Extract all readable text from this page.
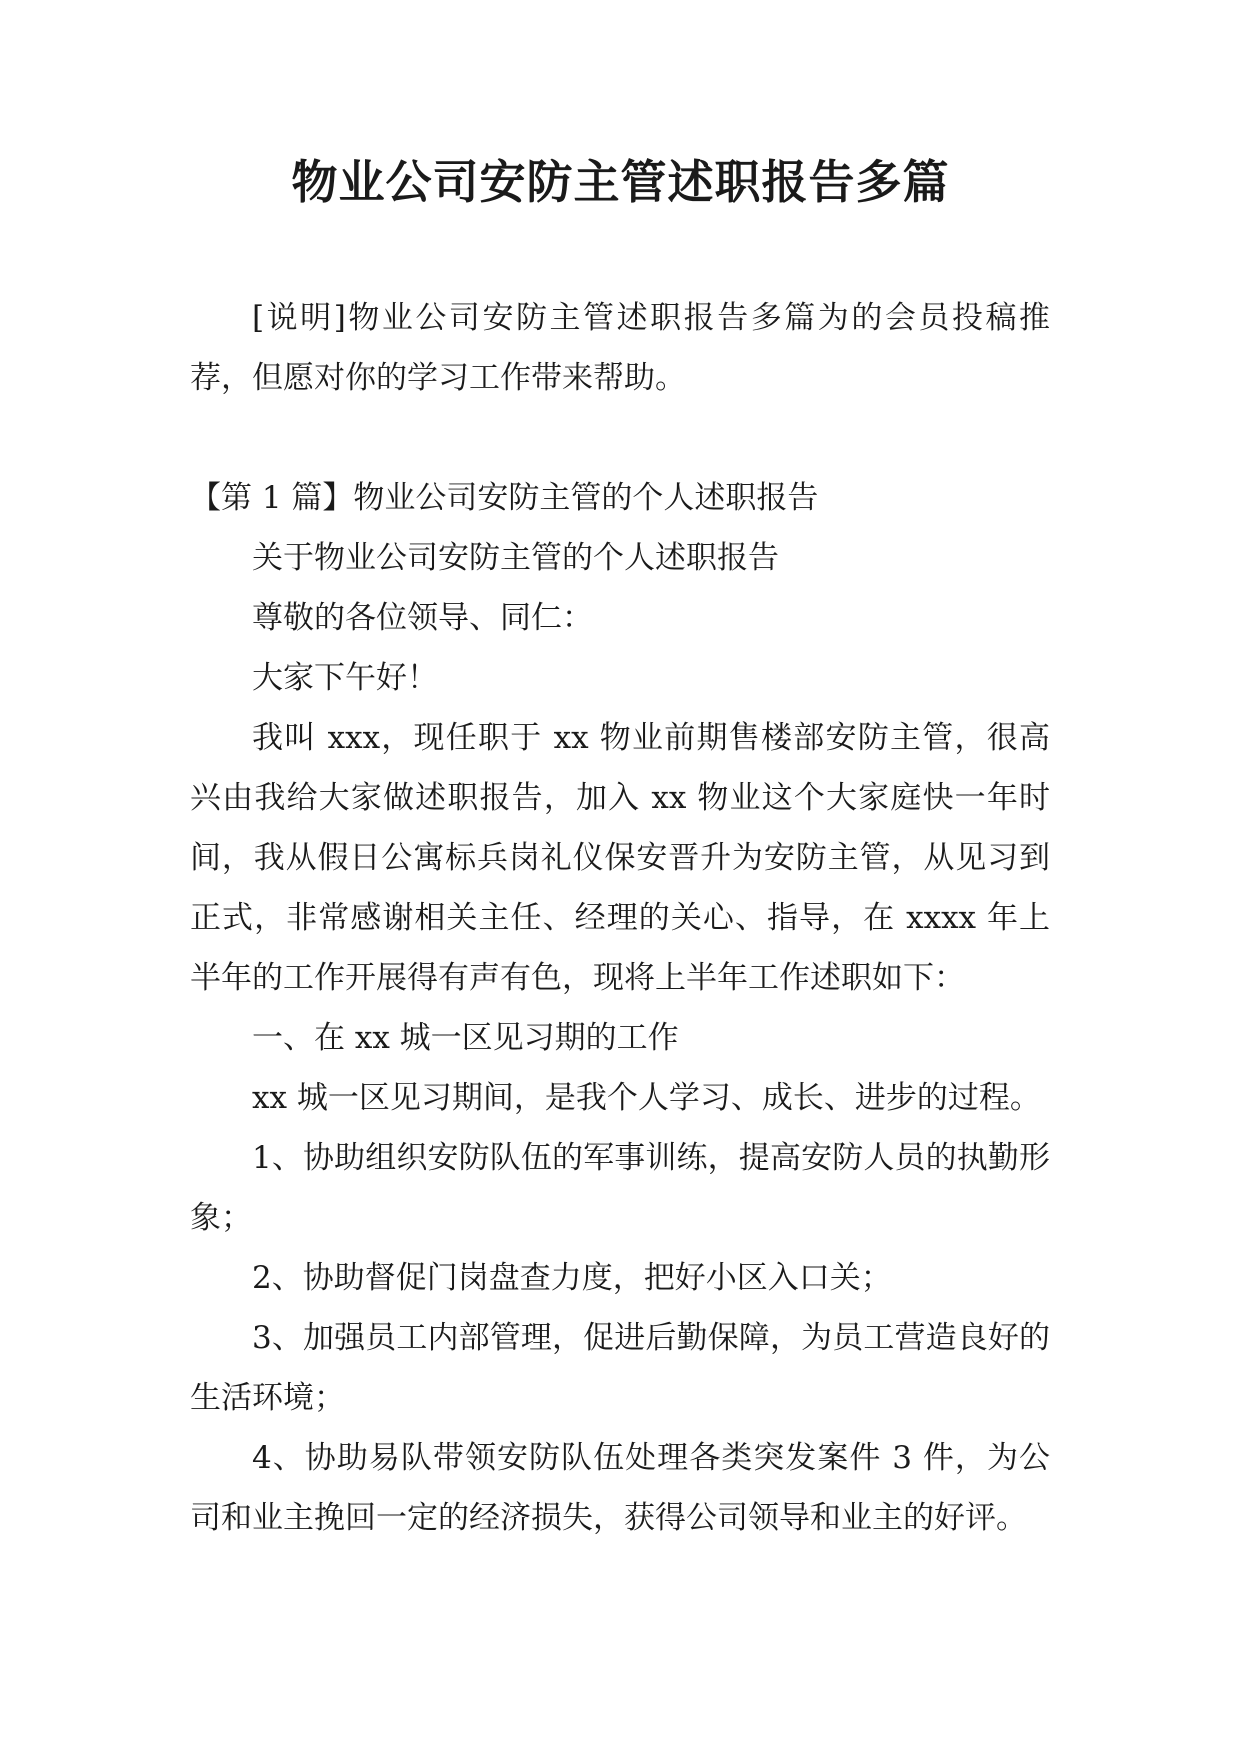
物业公司安防主管述职报告多篇

[说明]物业公司安防主管述职报告多篇为的会员投稿推荐，但愿对你的学习工作带来帮助。

【第 1 篇】物业公司安防主管的个人述职报告

关于物业公司安防主管的个人述职报告

尊敬的各位领导、同仁：

大家下午好！

我叫 xxx，现任职于 xx 物业前期售楼部安防主管，很高兴由我给大家做述职报告，加入 xx 物业这个大家庭快一年时间，我从假日公寓标兵岗礼仪保安晋升为安防主管，从见习到正式，非常感谢相关主任、经理的关心、指导，在 xxxx 年上半年的工作开展得有声有色，现将上半年工作述职如下：

一、在 xx 城一区见习期的工作

xx 城一区见习期间，是我个人学习、成长、进步的过程。

1、协助组织安防队伍的军事训练，提高安防人员的执勤形象；

2、协助督促门岗盘查力度，把好小区入口关；

3、加强员工内部管理，促进后勤保障，为员工营造良好的生活环境；

4、协助易队带领安防队伍处理各类突发案件 3 件，为公司和业主挽回一定的经济损失，获得公司领导和业主的好评。
